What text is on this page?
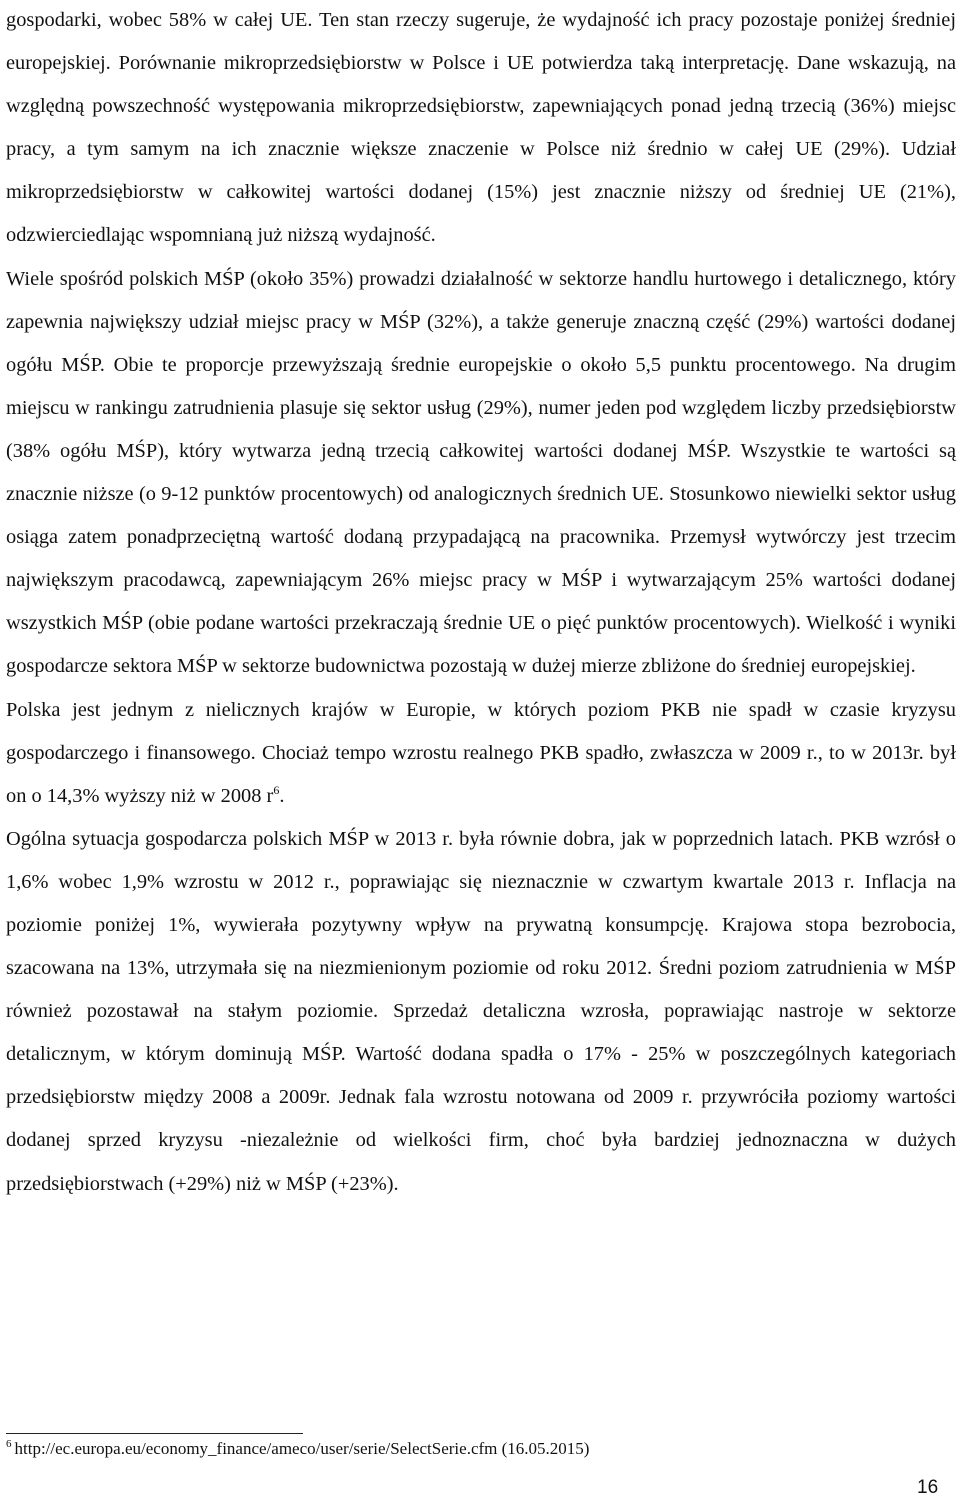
gospodarki, wobec 58% w całej UE. Ten stan rzeczy sugeruje, że wydajność ich pracy pozostaje poniżej średniej europejskiej. Porównanie mikroprzedsiębiorstw w Polsce i UE potwierdza taką interpretację. Dane wskazują, na względną powszechność występowania mikroprzedsiębiorstw, zapewniających ponad jedną trzecią (36%) miejsc pracy, a tym samym na ich znacznie większe znaczenie w Polsce niż średnio w całej UE (29%). Udział mikroprzedsiębiorstw w całkowitej wartości dodanej (15%) jest znacznie niższy od średniej UE (21%), odzwierciedlając wspomnianą już niższą wydajność.

Wiele spośród polskich MŚP (około 35%) prowadzi działalność w sektorze handlu hurtowego i detalicznego, który zapewnia największy udział miejsc pracy w MŚP (32%), a także generuje znaczną część (29%) wartości dodanej ogółu MŚP. Obie te proporcje przewyższają średnie europejskie o około 5,5 punktu procentowego. Na drugim miejscu w rankingu zatrudnienia plasuje się sektor usług (29%), numer jeden pod względem liczby przedsiębiorstw (38% ogółu MŚP), który wytwarza jedną trzecią całkowitej wartości dodanej MŚP. Wszystkie te wartości są znacznie niższe (o 9-12 punktów procentowych) od analogicznych średnich UE. Stosunkowo niewielki sektor usług osiąga zatem ponadprzeciętną wartość dodaną przypadającą na pracownika. Przemysł wytwórczy jest trzecim największym pracodawcą, zapewniającym 26% miejsc pracy w MŚP i wytwarzającym 25% wartości dodanej wszystkich MŚP (obie podane wartości przekraczają średnie UE o pięć punktów procentowych). Wielkość i wyniki gospodarcze sektora MŚP w sektorze budownictwa pozostają w dużej mierze zbliżone do średniej europejskiej.

Polska jest jednym z nielicznych krajów w Europie, w których poziom PKB nie spadł w czasie kryzysu gospodarczego i finansowego. Chociaż tempo wzrostu realnego PKB spadło, zwłaszcza w 2009 r., to w 2013r. był on o 14,3% wyższy niż w 2008 $r^6$.

Ogólna sytuacja gospodarcza polskich MŚP w 2013 r. była równie dobra, jak w poprzednich latach. PKB wzrósł o 1,6% wobec 1,9% wzrostu w 2012 r., poprawiając się nieznacznie w czwartym kwartale 2013 r. Inflacja na poziomie poniżej 1%, wywierała pozytywny wpływ na prywatną konsumpcję. Krajowa stopa bezrobocia, szacowana na 13%, utrzymała się na niezmienionym poziomie od roku 2012. Średni poziom zatrudnienia w MŚP również pozostawał na stałym poziomie. Sprzedaż detaliczna wzrosła, poprawiając nastroje w sektorze detalicznym, w którym dominują MŚP. Wartość dodana spadła o 17% - 25% w poszczególnych kategoriach przedsiębiorstw między 2008 a 2009r. Jednak fala wzrostu notowana od 2009 r. przywróciła poziomy wartości dodanej sprzed kryzysu -niezależnie od wielkości firm, choć była bardziej jednoznaczna w dużych przedsiębiorstwach (+29%) niż w MŚP (+23%).

$^6$ http://ec.europa.eu/economy_finance/ameco/user/serie/SelectSerie.cfm (16.05.2015)
16
